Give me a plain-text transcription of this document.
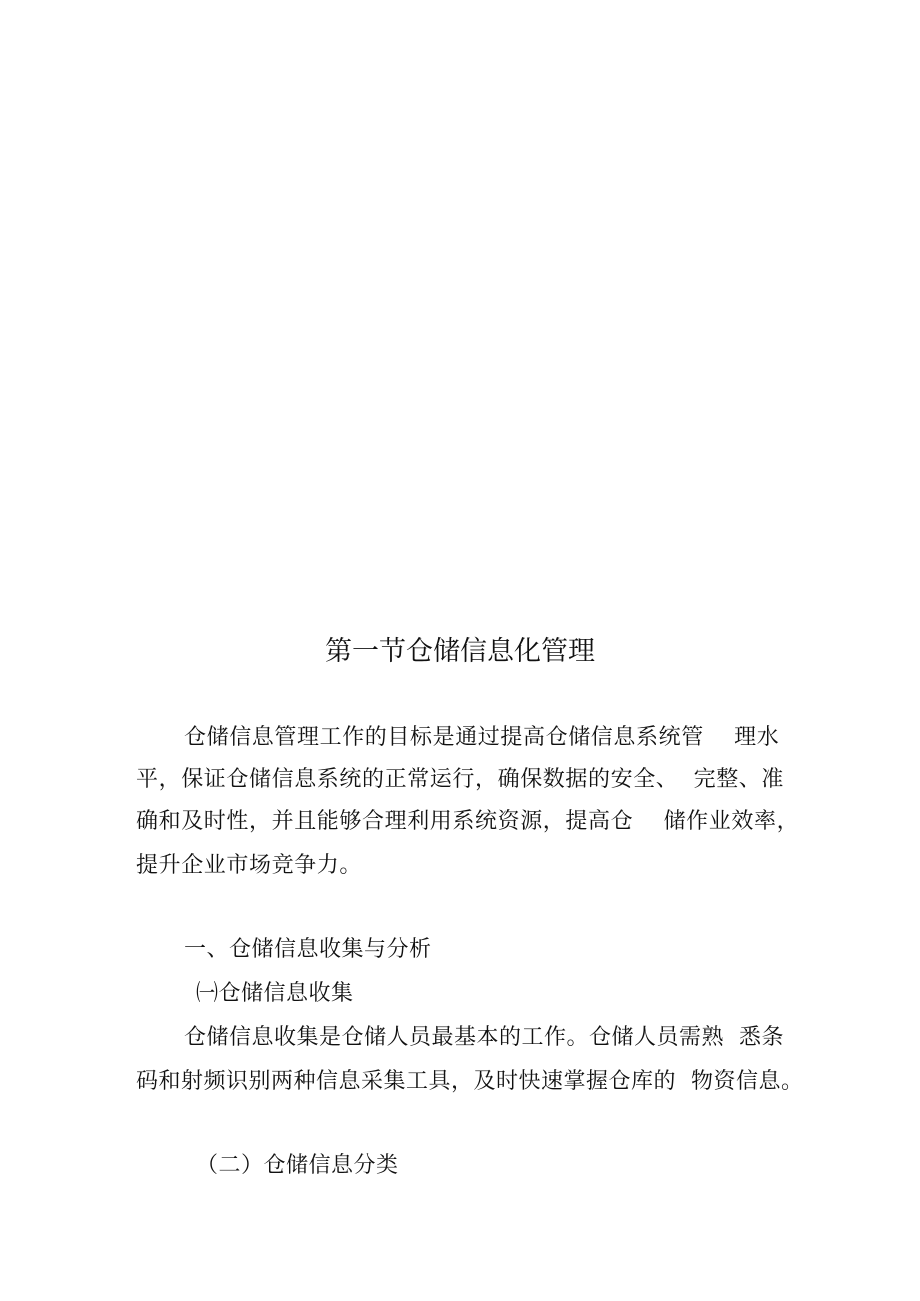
第一节仓储信息化管理
仓储信息管理工作的目标是通过提高仓储信息系统管    理水
平，保证仓储信息系统的正常运行，确保数据的安全、  完整、准
确和及时性，并且能够合理利用系统资源，提高仓    储作业效率，
提升企业市场竞争力。
一、仓储信息收集与分析
㈠仓储信息收集
仓储信息收集是仓储人员最基本的工作。仓储人员需熟  悉条
码和射频识别两种信息采集工具，及时快速掌握仓库的  物资信息。
（二）仓储信息分类
